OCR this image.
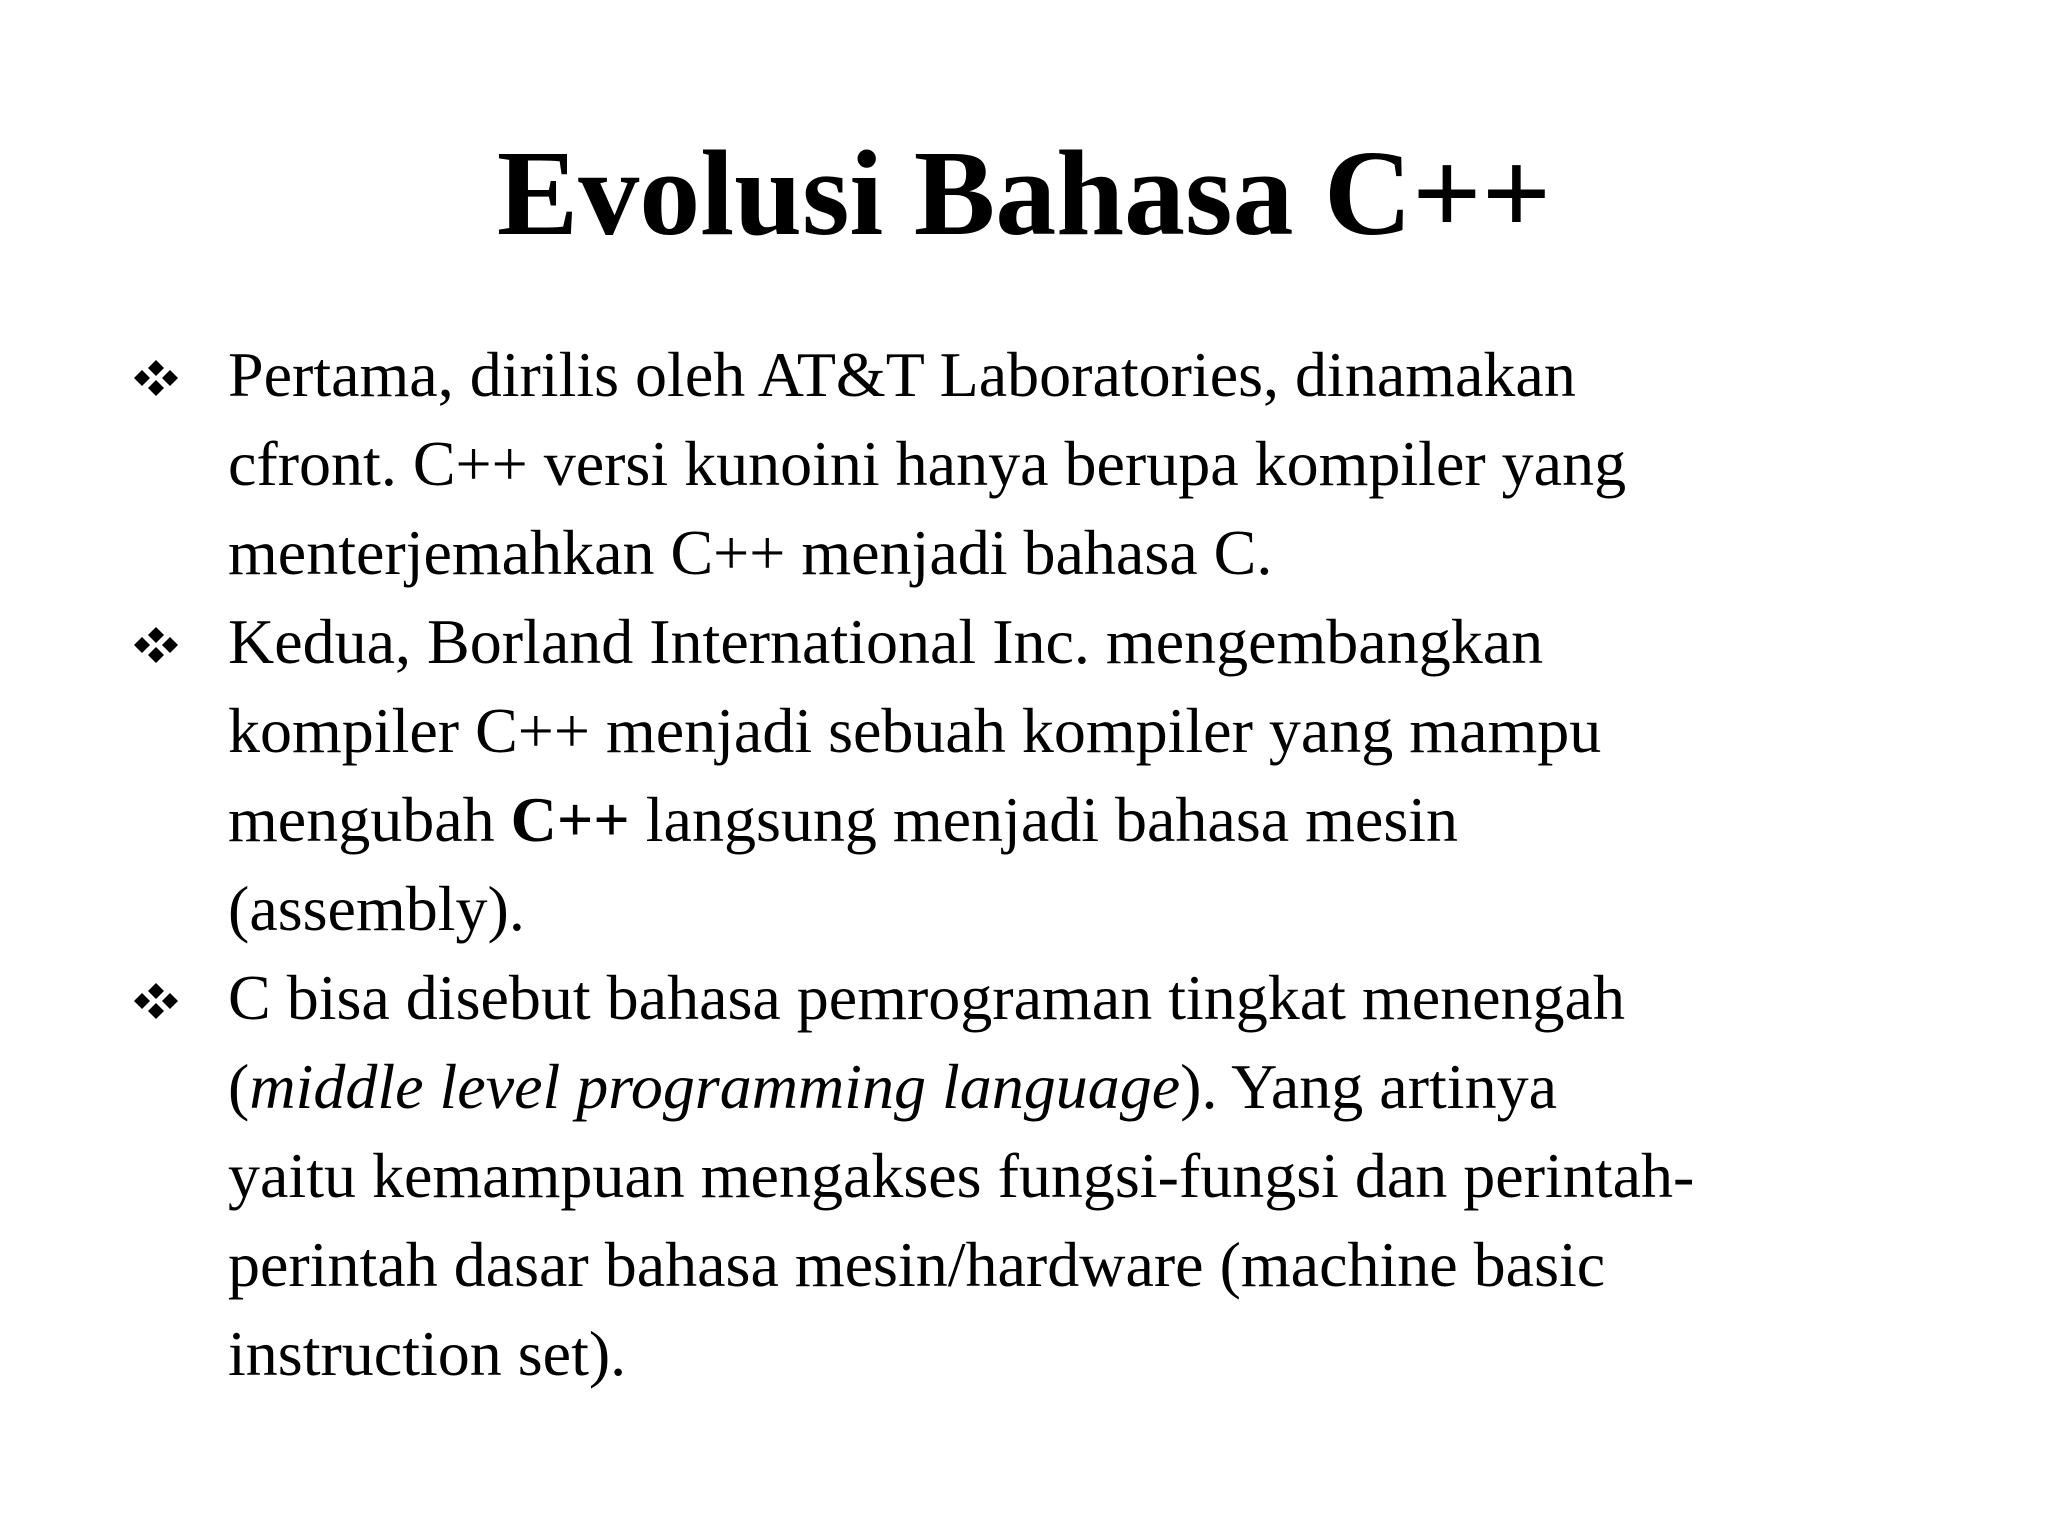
Evolusi Bahasa C++
Pertama, dirilis oleh AT&T Laboratories, dinamakan
cfront. C++ versi kunoini hanya berupa kompiler yang
menterjemahkan C++ menjadi bahasa C.
Kedua, Borland International Inc. mengembangkan
kompiler C++ menjadi sebuah kompiler yang mampu
mengubah C++ langsung menjadi bahasa mesin
(assembly).
C bisa disebut bahasa pemrograman tingkat menengah
(middle level programming language). Yang artinya
yaitu kemampuan mengakses fungsi-fungsi dan perintah-
perintah dasar bahasa mesin/hardware (machine basic
instruction set).
